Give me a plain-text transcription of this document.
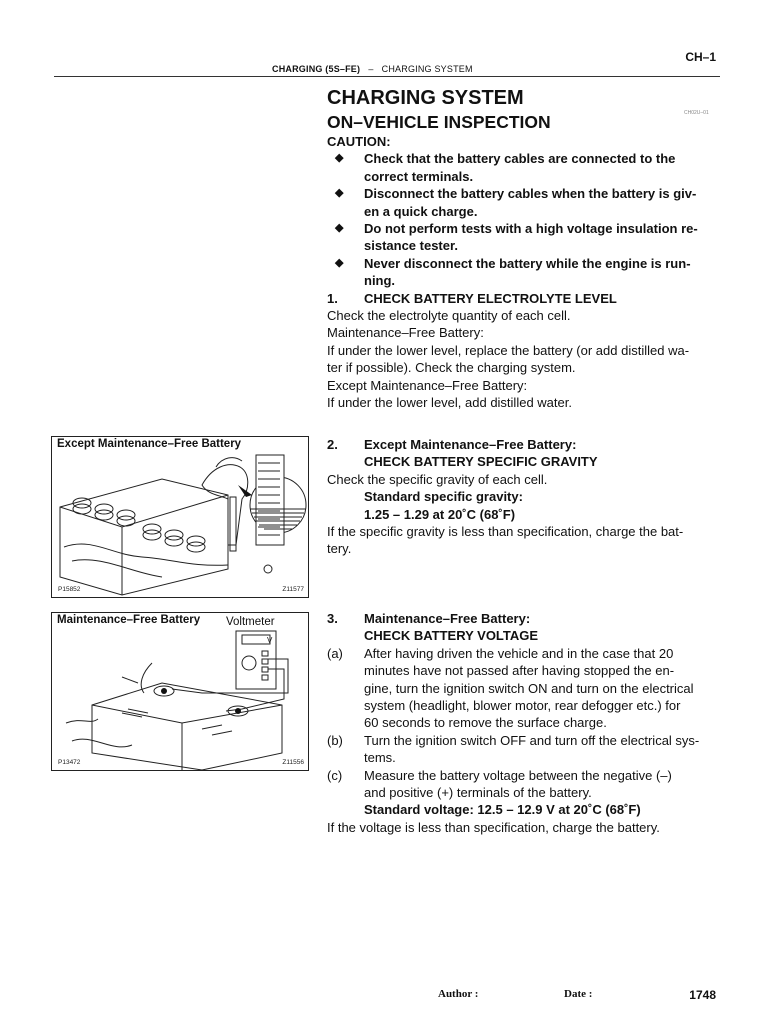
CH–1
CHARGING (5S–FE) – CHARGING SYSTEM
CH02U–01
CHARGING SYSTEM
ON–VEHICLE INSPECTION
CAUTION:
◆	Check that the battery cables are connected to the
correct terminals.
◆	Disconnect the battery cables when the battery is giv-
en a quick charge.
◆	Do not perform tests with a high voltage insulation re-
sistance tester.
◆	Never disconnect the battery while the engine is run-
ning.
1.	CHECK BATTERY ELECTROLYTE LEVEL
Check the electrolyte quantity of each cell.
Maintenance–Free Battery:
If under the lower level, replace the battery (or add distilled wa-
ter if possible). Check the charging system.
Except Maintenance–Free Battery:
If under the lower level, add distilled water.
2.	Except Maintenance–Free Battery:
CHECK BATTERY SPECIFIC GRAVITY
Check the specific gravity of each cell.
Standard specific gravity:
1.25 – 1.29 at 20˚C (68˚F)
If the specific gravity is less than specification, charge the bat-
tery.
3.	Maintenance–Free Battery:
CHECK BATTERY VOLTAGE
(a)	After having driven the vehicle and in the case that 20
minutes have not passed after having stopped the en-
gine, turn the ignition switch ON and turn on the electrical
system (headlight, blower motor, rear defogger etc.) for
60 seconds to remove the surface charge.
(b)	Turn the ignition switch OFF and turn off the electrical sys-
tems.
(c)	Measure the battery voltage between the negative (–)
and positive (+) terminals of the battery.
Standard voltage: 12.5 – 12.9 V at 20˚C (68˚F)
If the voltage is less than specification, charge the battery.
Except Maintenance–Free Battery
P15852	Z11577
Maintenance–Free Battery Voltmeter
V
P13472	Z11556
Author :	Date :	1748
